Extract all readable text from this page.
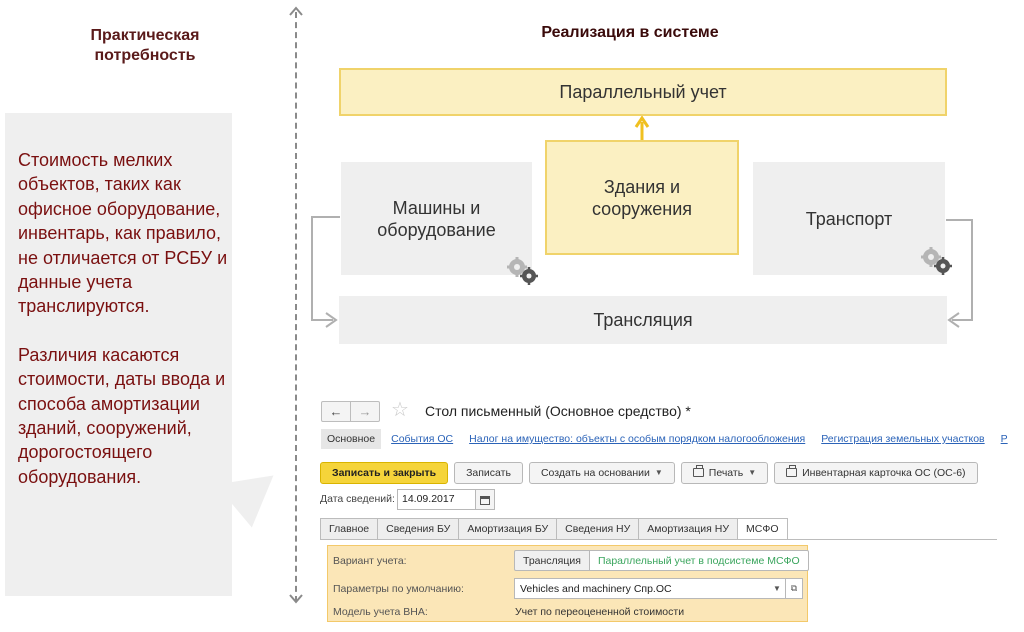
Практическая потребность

Стоимость мелких объектов, таких как офисное оборудование, инвентарь, как правило, не отличается от РСБУ и данные учета транслируются.

Различия касаются стоимости, даты ввода и способа амортизации зданий, сооружений, дорогостоящего оборудования.

Реализация в системе
Параллельный учет
Машины и оборудование
Здания и сооружения	Транспорт
Трансляция
← → ☆ Стол письменный (Основное средство) *
Основное	События ОС Налог на имущество: объекты с особым порядком налогообложения Регистрация земельных участков Р
Записать и закрыть	Записать	Создать на основании ▼	Печать ▼	Инвентарная карточка ОС (ОС-6)
Дата сведений: 14.09.2017
Главное	Сведения БУ	Амортизация БУ	Сведения НУ	Амортизация НУ	МСФО
Вариант учета:	Трансляция	Параллельный учет в подсистеме МСФО
Параметры по умолчанию:	Vehicles and machinery Спр.ОС	▼ ⧉
Модель учета ВНА:	Учет по переоцененной стоимости
